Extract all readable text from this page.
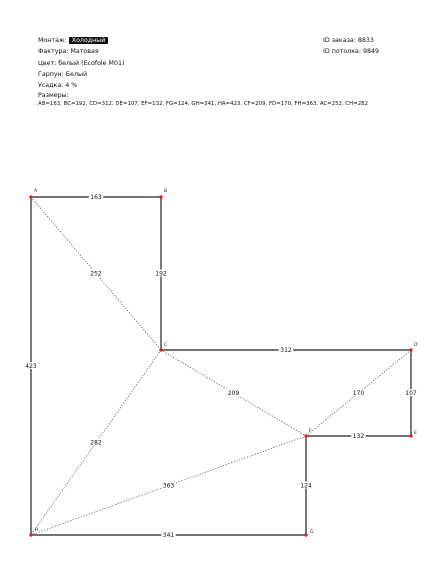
Монтаж: Холодный
Фактура: Матовая
Цвет: белый (Ecofole M01)
Гарпун: Белый
Усадка: 4 %
Размеры:
AB=163, BC=192, CD=312, DE=107, EF=132, FG=124, GH=341, HA=423, CF=209, FD=170, FH=363, AC=252, CH=282
ID заказа: 8833
ID потолка: 9849
252
209	170
282
363
163
192
312
107
132
124
341
423
A	B
C	D
E
F
G
H
